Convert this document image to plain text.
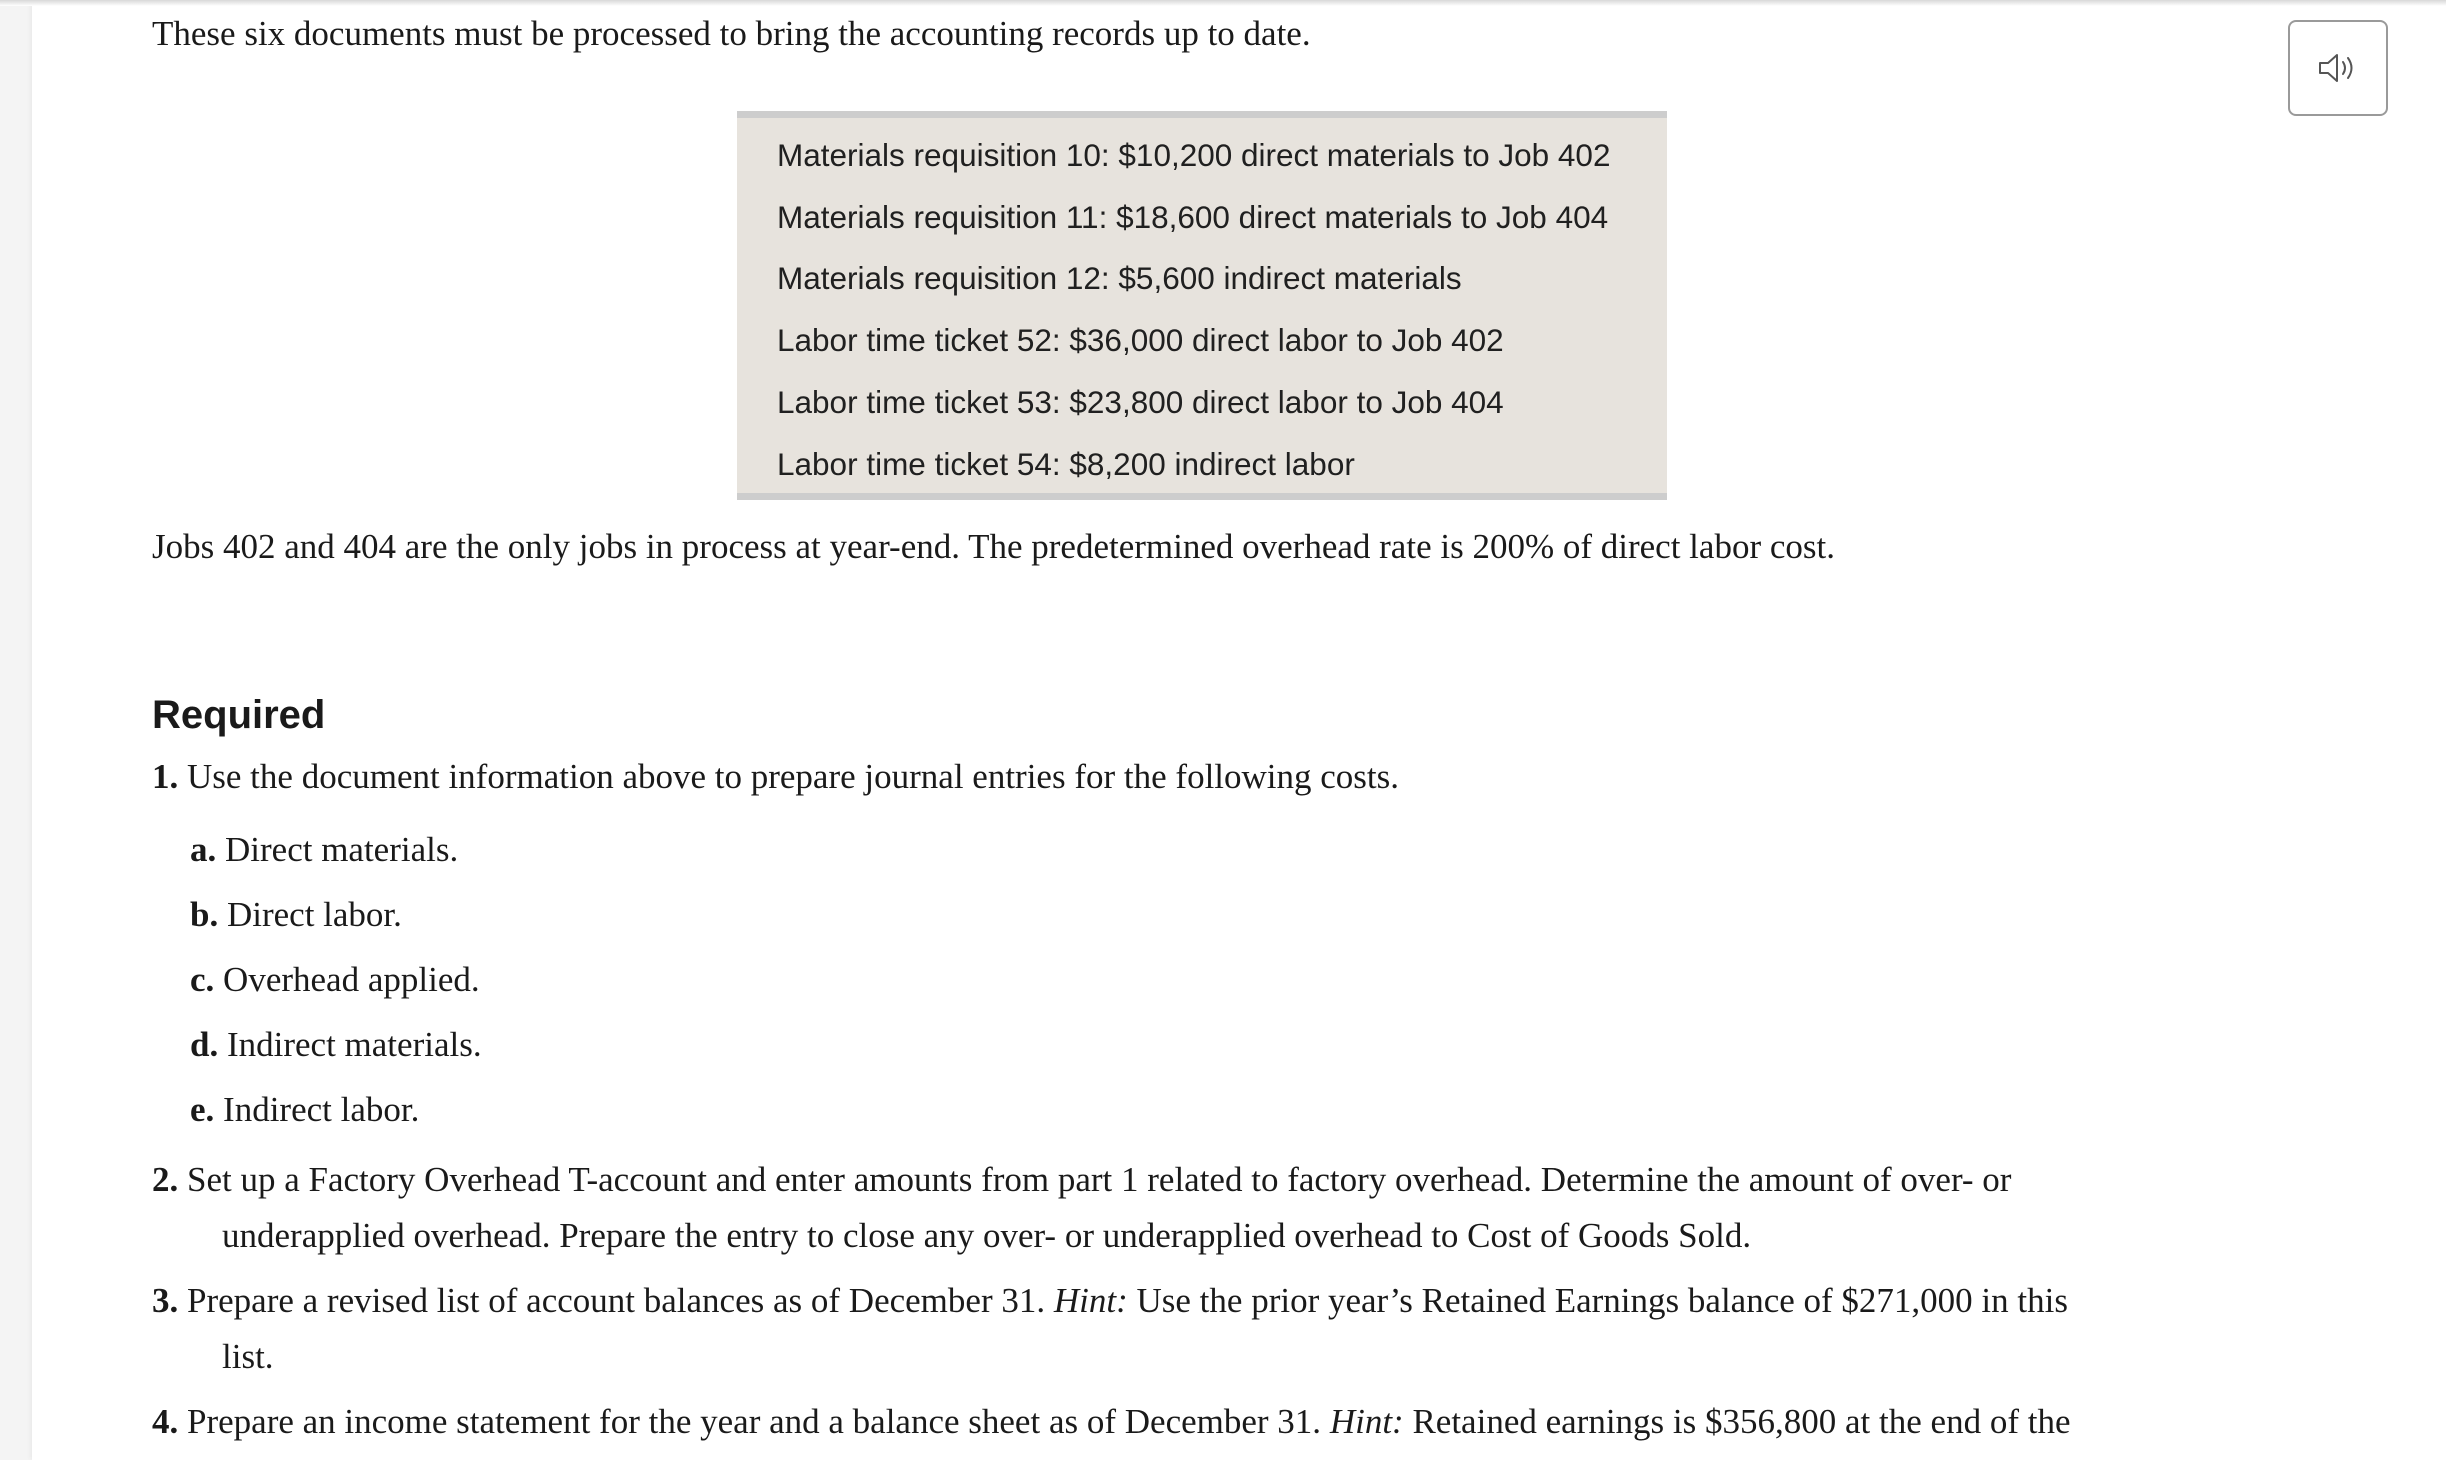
These six documents must be processed to bring the accounting records up to date.
Materials requisition 10: $10,200 direct materials to Job 402
Materials requisition 11: $18,600 direct materials to Job 404
Materials requisition 12: $5,600 indirect materials
Labor time ticket 52: $36,000 direct labor to Job 402
Labor time ticket 53: $23,800 direct labor to Job 404
Labor time ticket 54: $8,200 indirect labor
Jobs 402 and 404 are the only jobs in process at year-end. The predetermined overhead rate is 200% of direct labor cost.
Required
1. Use the document information above to prepare journal entries for the following costs.
a. Direct materials.
b. Direct labor.
c. Overhead applied.
d. Indirect materials.
e. Indirect labor.
2. Set up a Factory Overhead T-account and enter amounts from part 1 related to factory overhead. Determine the amount of over- or
underapplied overhead. Prepare the entry to close any over- or underapplied overhead to Cost of Goods Sold.
3. Prepare a revised list of account balances as of December 31. Hint: Use the prior year’s Retained Earnings balance of $271,000 in this
list.
4. Prepare an income statement for the year and a balance sheet as of December 31. Hint: Retained earnings is $356,800 at the end of the
